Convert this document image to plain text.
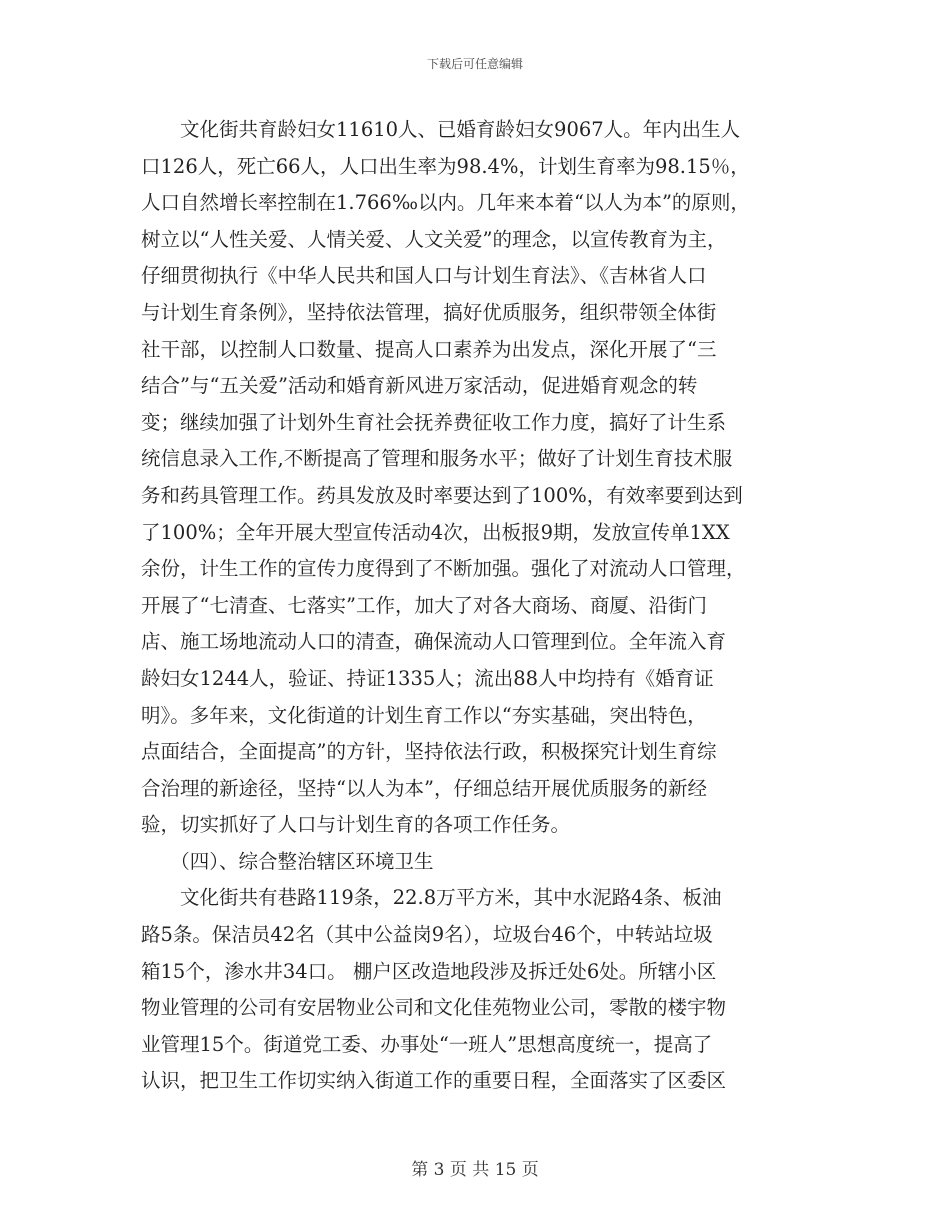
下载后可任意编辑
　　文化街共育龄妇女11610人、已婚育龄妇女9067人。年内出生人
口126人，死亡66人，人口出生率为98.4%，计划生育率为98.15％，
人口自然增长率控制在1.766‰以内。几年来本着“以人为本”的原则，
树立以“人性关爱、人情关爱、人文关爱”的理念，以宣传教育为主，
仔细贯彻执行《中华人民共和国人口与计划生育法》、《吉林省人口
与计划生育条例》，坚持依法管理，搞好优质服务，组织带领全体街
社干部，以控制人口数量、提高人口素养为出发点，深化开展了“三
结合”与“五关爱”活动和婚育新风进万家活动，促进婚育观念的转
变；继续加强了计划外生育社会抚养费征收工作力度，搞好了计生系
统信息录入工作,不断提高了管理和服务水平；做好了计划生育技术服
务和药具管理工作。药具发放及时率要达到了100%，有效率要到达到
了100%；全年开展大型宣传活动4次，出板报9期，发放宣传单1XX
余份，计生工作的宣传力度得到了不断加强。强化了对流动人口管理，
开展了“七清查、七落实”工作，加大了对各大商场、商厦、沿街门
店、施工场地流动人口的清查，确保流动人口管理到位。全年流入育
龄妇女1244人，验证、持证1335人；流出88人中均持有《婚育证
明》。多年来，文化街道的计划生育工作以“夯实基础，突出特色，
点面结合，全面提高”的方针，坚持依法行政，积极探究计划生育综
合治理的新途径，坚持“以人为本”，仔细总结开展优质服务的新经
验，切实抓好了人口与计划生育的各项工作任务。
　　（四）、综合整治辖区环境卫生
　　文化街共有巷路119条，22.8万平方米，其中水泥路4条、板油
路5条。保洁员42名（其中公益岗9名），垃圾台46个，中转站垃圾
箱15个，渗水井34口。 棚户区改造地段涉及拆迁处6处。所辖小区
物业管理的公司有安居物业公司和文化佳苑物业公司，零散的楼宇物
业管理15个。街道党工委、办事处“一班人”思想高度统一，提高了
认识，把卫生工作切实纳入街道工作的重要日程，全面落实了区委区
第 3 页 共 15 页
